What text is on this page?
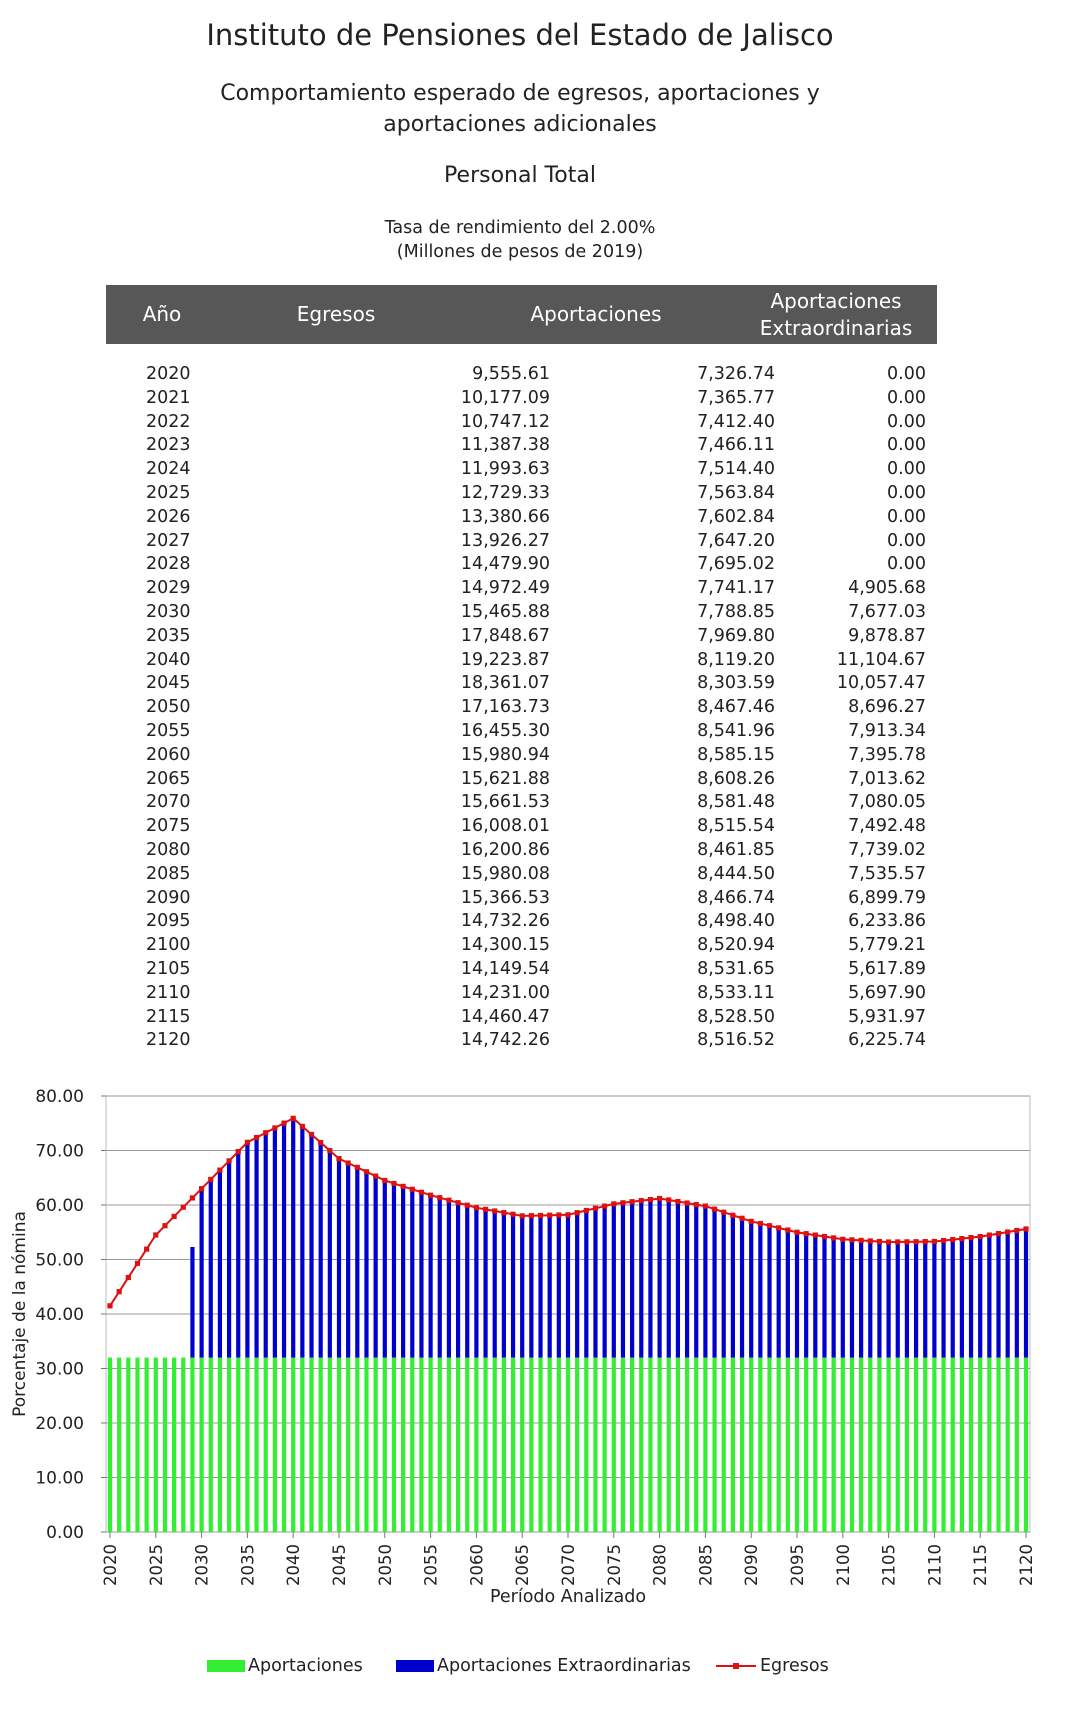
Instituto de Pensiones del Estado de Jalisco
Comportamiento esperado de egresos, aportaciones y aportaciones adicionales
Personal Total
Tasa de rendimiento del 2.00%
(Millones de pesos de 2019)
Año	Egresos	Aportaciones
Aportaciones
Extraordinarias
2020	9,555.61	7,326.74	0.00
2021	10,177.09	7,365.77	0.00
2022	10,747.12	7,412.40	0.00
2023	11,387.38	7,466.11	0.00
2024	11,993.63	7,514.40	0.00
2025	12,729.33	7,563.84	0.00
2026	13,380.66	7,602.84	0.00
2027	13,926.27	7,647.20	0.00
2028	14,479.90	7,695.02	0.00
2029	14,972.49	7,741.17	4,905.68
2030	15,465.88	7,788.85	7,677.03
2035	17,848.67	7,969.80	9,878.87
2040	19,223.87	8,119.20	11,104.67
2045	18,361.07	8,303.59	10,057.47
2050	17,163.73	8,467.46	8,696.27
2055	16,455.30	8,541.96	7,913.34
2060	15,980.94	8,585.15	7,395.78
2065	15,621.88	8,608.26	7,013.62
2070	15,661.53	8,581.48	7,080.05
2075	16,008.01	8,515.54	7,492.48
2080	16,200.86	8,461.85	7,739.02
2085	15,980.08	8,444.50	7,535.57
2090	15,366.53	8,466.74	6,899.79
2095	14,732.26	8,498.40	6,233.86
2100	14,300.15	8,520.94	5,779.21
2105	14,149.54	8,531.65	5,617.89
2110	14,231.00	8,533.11	5,697.90
2115	14,460.47	8,528.50	5,931.97
2120	14,742.26	8,516.52	6,225.74
0.00
10.00
20.00
30.00
40.00
50.00
60.00
70.00
80.00
2020 2025 2030 2035 2040 2045 2050 2055 2060 2065 2070 2075 2080 2085 2090 2095 2100 2105 2110 2115 2120
Porcentaje de la nómina
Período Analizado
Aportaciones	Aportaciones Extraordinarias	Egresos
